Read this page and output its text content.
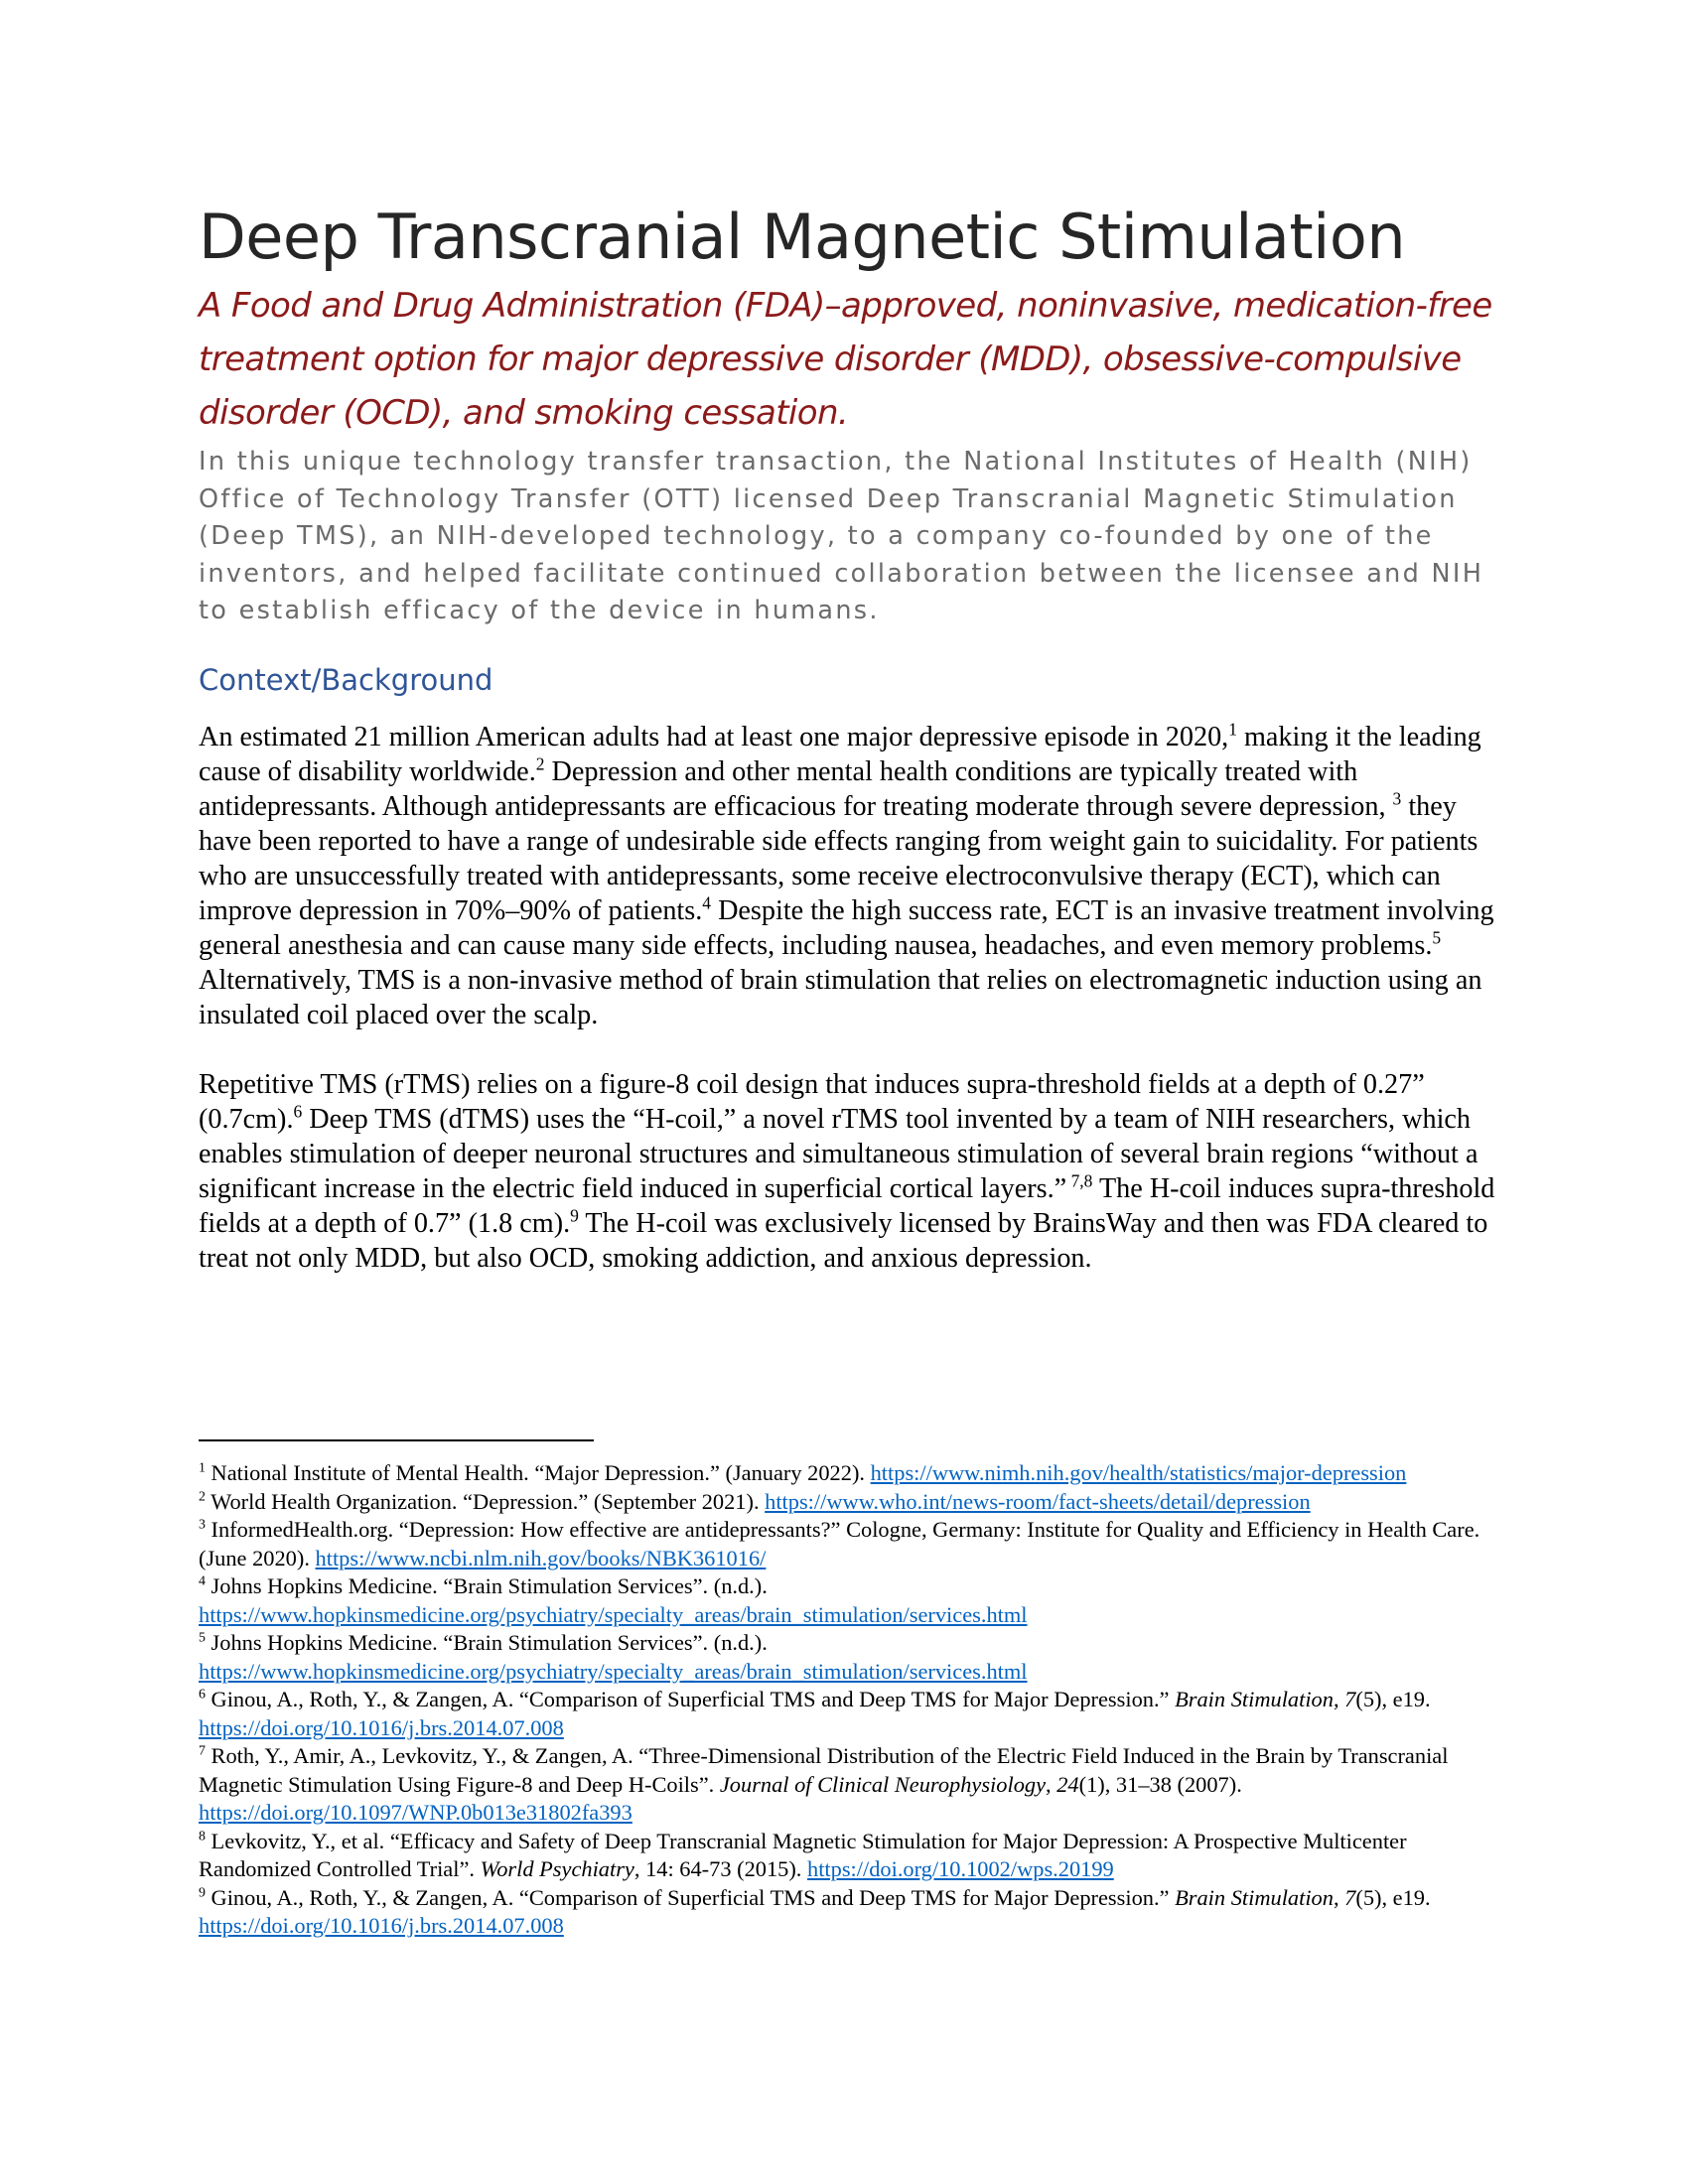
Deep Transcranial Magnetic Stimulation

A Food and Drug Administration (FDA)–approved, noninvasive, medication-free treatment option for major depressive disorder (MDD), obsessive-compulsive disorder (OCD), and smoking cessation.

In this unique technology transfer transaction, the National Institutes of Health (NIH) Office of Technology Transfer (OTT) licensed Deep Transcranial Magnetic Stimulation (Deep TMS), an NIH-developed technology, to a company co-founded by one of the inventors, and helped facilitate continued collaboration between the licensee and NIH to establish efficacy of the device in humans.

Context/Background

An estimated 21 million American adults had at least one major depressive episode in 2020,$^1$ making it the leading cause of disability worldwide.$^2$ Depression and other mental health conditions are typically treated with antidepressants. Although antidepressants are efficacious for treating moderate through severe depression, $^3$ they have been reported to have a range of undesirable side effects ranging from weight gain to suicidality. For patients who are unsuccessfully treated with antidepressants, some receive electroconvulsive therapy (ECT), which can improve depression in 70%–90% of patients.$^4$ Despite the high success rate, ECT is an invasive treatment involving general anesthesia and can cause many side effects, including nausea, headaches, and even memory problems.$^5$ Alternatively, TMS is a non-invasive method of brain stimulation that relies on electromagnetic induction using an insulated coil placed over the scalp.

Repetitive TMS (rTMS) relies on a figure-8 coil design that induces supra-threshold fields at a depth of 0.27” (0.7cm).$^6$ Deep TMS (dTMS) uses the “H-coil,” a novel rTMS tool invented by a team of NIH researchers, which enables stimulation of deeper neuronal structures and simultaneous stimulation of several brain regions “without a significant increase in the electric field induced in superficial cortical layers.” $^{7,8}$ The H-coil induces supra-threshold fields at a depth of 0.7” (1.8 cm).$^9$ The H-coil was exclusively licensed by BrainsWay and then was FDA cleared to treat not only MDD, but also OCD, smoking addiction, and anxious depression.

$^1$ National Institute of Mental Health. “Major Depression.” (January 2022). https://www.nimh.nih.gov/health/statistics/major-depression

$^2$ World Health Organization. “Depression.” (September 2021). https://www.who.int/news-room/fact-sheets/detail/depression

$^3$ InformedHealth.org. “Depression: How effective are antidepressants?” Cologne, Germany: Institute for Quality and Efficiency in Health Care. (June 2020). https://www.ncbi.nlm.nih.gov/books/NBK361016/

$^4$ Johns Hopkins Medicine. “Brain Stimulation Services”. (n.d.).
https://www.hopkinsmedicine.org/psychiatry/specialty_areas/brain_stimulation/services.html

$^5$ Johns Hopkins Medicine. “Brain Stimulation Services”. (n.d.).
https://www.hopkinsmedicine.org/psychiatry/specialty_areas/brain_stimulation/services.html

$^6$ Ginou, A., Roth, Y., & Zangen, A. “Comparison of Superficial TMS and Deep TMS for Major Depression.” Brain Stimulation, 7(5), e19. https://doi.org/10.1016/j.brs.2014.07.008

$^7$ Roth, Y., Amir, A., Levkovitz, Y., & Zangen, A. “Three-Dimensional Distribution of the Electric Field Induced in the Brain by Transcranial Magnetic Stimulation Using Figure-8 and Deep H-Coils”. Journal of Clinical Neurophysiology, 24(1), 31–38 (2007). https://doi.org/10.1097/WNP.0b013e31802fa393

$^8$ Levkovitz, Y., et al. “Efficacy and Safety of Deep Transcranial Magnetic Stimulation for Major Depression: A Prospective Multicenter Randomized Controlled Trial”. World Psychiatry, 14: 64-73 (2015). https://doi.org/10.1002/wps.20199

$^9$ Ginou, A., Roth, Y., & Zangen, A. “Comparison of Superficial TMS and Deep TMS for Major Depression.” Brain Stimulation, 7(5), e19. https://doi.org/10.1016/j.brs.2014.07.008
